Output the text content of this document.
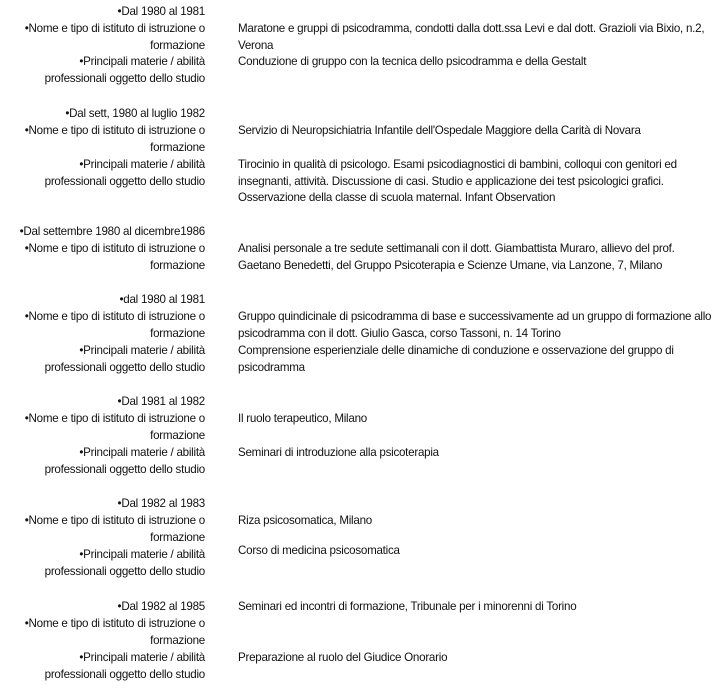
• Dal 1980 al 1981
• Nome e tipo di istituto di istruzione o
formazione
Maratone e gruppi di psicodramma, condotti dalla dott.ssa Levi e dal dott. Grazioli via Bixio, n.2, Verona
• Principali materie / abilità
professionali oggetto dello studio
Conduzione di gruppo con la tecnica dello psicodramma e della Gestalt
• Dal sett, 1980 al luglio 1982
• Nome e tipo di istituto di istruzione o
formazione
Servizio di Neuropsichiatria Infantile dell'Ospedale Maggiore della Carità di Novara
• Principali materie / abilità
professionali oggetto dello studio
Tirocinio in qualità di psicologo. Esami psicodiagnostici di bambini, colloqui con genitori ed insegnanti, attività. Discussione di casi. Studio e applicazione dei test psicologici grafici. Osservazione della classe di scuola maternal. Infant Observation
• Dal settembre 1980 al dicembre1986
• Nome e tipo di istituto di istruzione o
formazione
Analisi personale a tre sedute settimanali con il dott. Giambattista Muraro, allievo del prof. Gaetano Benedetti, del Gruppo Psicoterapia e Scienze Umane, via Lanzone, 7, Milano
• dal 1980 al 1981
• Nome e tipo di istituto di istruzione o
formazione
Gruppo quindicinale di psicodramma di base e successivamente ad un gruppo di formazione allo psicodramma con il dott. Giulio Gasca, corso Tassoni, n. 14 Torino
• Principali materie / abilità
professionali oggetto dello studio
Comprensione esperienziale delle dinamiche di conduzione e osservazione del gruppo di psicodramma
• Dal 1981 al 1982
• Nome e tipo di istituto di istruzione o
formazione
Il ruolo terapeutico, Milano
• Principali materie / abilità
professionali oggetto dello studio
Seminari di introduzione alla psicoterapia
• Dal 1982 al 1983
• Nome e tipo di istituto di istruzione o
formazione
Riza psicosomatica, Milano
• Principali materie / abilità
professionali oggetto dello studio
Corso di medicina psicosomatica
• Dal 1982 al 1985	Seminari ed incontri di formazione, Tribunale per i minorenni di Torino
• Nome e tipo di istituto di istruzione o
formazione
• Principali materie / abilità
professionali oggetto dello studio
Preparazione al ruolo del Giudice Onorario
